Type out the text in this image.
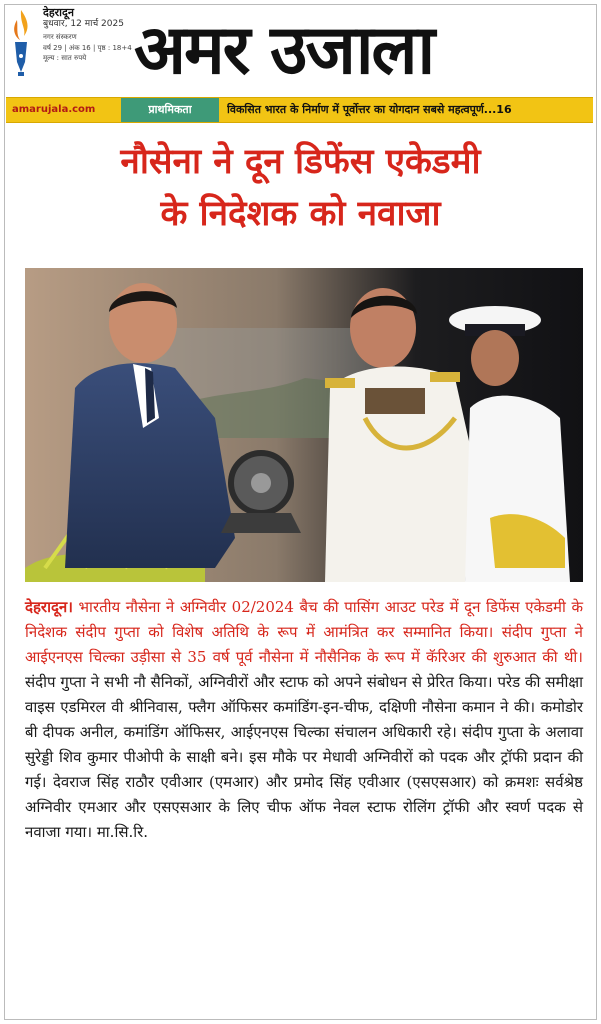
देहरादून
बुधवार, 12 मार्च 2025
नगर संस्करण
वर्ष 29 | अंक 16 | पृष्ठ : 18+4
मूल्य : सात रुपये अमर उजाला
amarujala.com	प्राथमिकता	विकसित भारत के निर्माण में पूर्वोत्तर का योगदान सबसे महत्वपूर्ण...16
नौसेना ने दून डिफेंस एकेडमी
के निदेशक को नवाजा
देहरादून। भारतीय नौसेना ने अग्निवीर 02/2024 बैच की पासिंग आउट परेड में दून डिफेंस एकेडमी के निदेशक संदीप गुप्ता को विशेष अतिथि के रूप में आमंत्रित कर सम्मानित किया। संदीप गुप्ता ने आईएनएस चिल्का उड़ीसा से 35 वर्ष पूर्व नौसेना में नौसैनिक के रूप में कॅरिअर की शुरुआत की थी। संदीप गुप्ता ने सभी नौ सैनिकों, अग्निवीरों और स्टाफ को अपने संबोधन से प्रेरित किया। परेड की समीक्षा वाइस एडमिरल वी श्रीनिवास, फ्लैग ऑफिसर कमांडिंग-इन-चीफ, दक्षिणी नौसेना कमान ने की। कमोडोर बी दीपक अनील, कमांडिंग ऑफिसर, आईएनएस चिल्का संचालन अधिकारी रहे। संदीप गुप्ता के अलावा सुरेड्डी शिव कुमार पीओपी के साक्षी बने। इस मौके पर मेधावी अग्निवीरों को पदक और ट्रॉफी प्रदान की गई। देवराज सिंह राठौर एवीआर (एमआर) और प्रमोद सिंह एवीआर (एसएसआर) को क्रमशः सर्वश्रेष्ठ अग्निवीर एमआर और एसएसआर के लिए चीफ ऑफ नेवल स्टाफ रोलिंग ट्रॉफी और स्वर्ण पदक से नवाजा गया। मा.सि.रि.
